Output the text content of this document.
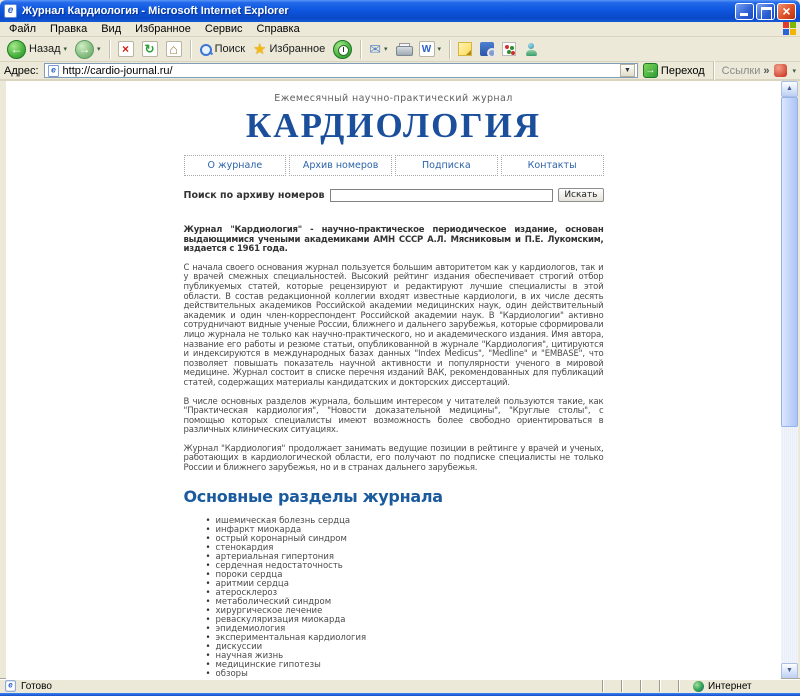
e Журнал Кардиология - Microsoft Internet Explorer
×
Файл	Правка	Вид	Избранное	Сервис	Справка
← Назад ▾ → ▾ × ↻ ⌂	Поиск ★ Избранное	✉ ▾	W ▾
Адрес:	e http://cardio-journal.ru/	▼	→ Переход Ссылки »	▾
Ежемесячный научно-практический журнал
КАРДИОЛОГИЯ
О журнале	Архив номеров	Подписка	Контакты
Поиск по архиву номеров	Искать

Журнал "Кардиология" - научно-практическое периодическое издание, основан выдающимися учеными академиками АМН СССР А.Л. Мясниковым и П.Е. Лукомским, издается с 1961 года.

С начала своего основания журнал пользуется большим авторитетом как у кардиологов, так и у врачей смежных специальностей. Высокий рейтинг издания обеспечивает строгий отбор публикуемых статей, которые рецензируют и редактируют лучшие специалисты в этой области. В состав редакционной коллегии входят известные кардиологи, в их числе десять действительных академиков Российской академии медицинских наук, один действительный академик и один член-корреспондент Российской академии наук. В "Кардиологии" активно сотрудничают видные ученые России, ближнего и дальнего зарубежья, которые сформировали лицо журнала не только как научно-практического, но и академического издания. Имя автора, название его работы и резюме статьи, опубликованной в журнале "Кардиология", цитируются и индексируются в международных базах данных "Index Medicus", "Medline" и "EMBASE", что позволяет повышать показатель научной активности и популярности ученого в мировой медицине. Журнал состоит в списке перечня изданий ВАК, рекомендованных для публикаций статей, содержащих материалы кандидатских и докторских диссертаций.

В числе основных разделов журнала, большим интересом у читателей пользуются такие, как "Практическая кардиология", "Новости доказательной медицины", "Круглые столы", с помощью которых специалисты имеют возможность более свободно ориентироваться в различных клинических ситуациях.

Журнал "Кардиология" продолжает занимать ведущие позиции в рейтинге у врачей и ученых, работающих в кардиологической области, его получают по подписке специалисты не только России и ближнего зарубежья, но и в странах дальнего зарубежья.

Основные разделы журнала
• ишемическая болезнь сердца
• инфаркт миокарда
• острый коронарный синдром
• стенокардия
• артериальная гипертония
• сердечная недостаточность
• пороки сердца
• аритмии сердца
• атеросклероз
• метаболический синдром
• хирургическое лечение
• реваскуляризация миокарда
• эпидемиология
• экспериментальная кардиология
• дискуссии
• научная жизнь
• медицинские гипотезы
• обзоры
▲
▼
e Готово	Интернет
